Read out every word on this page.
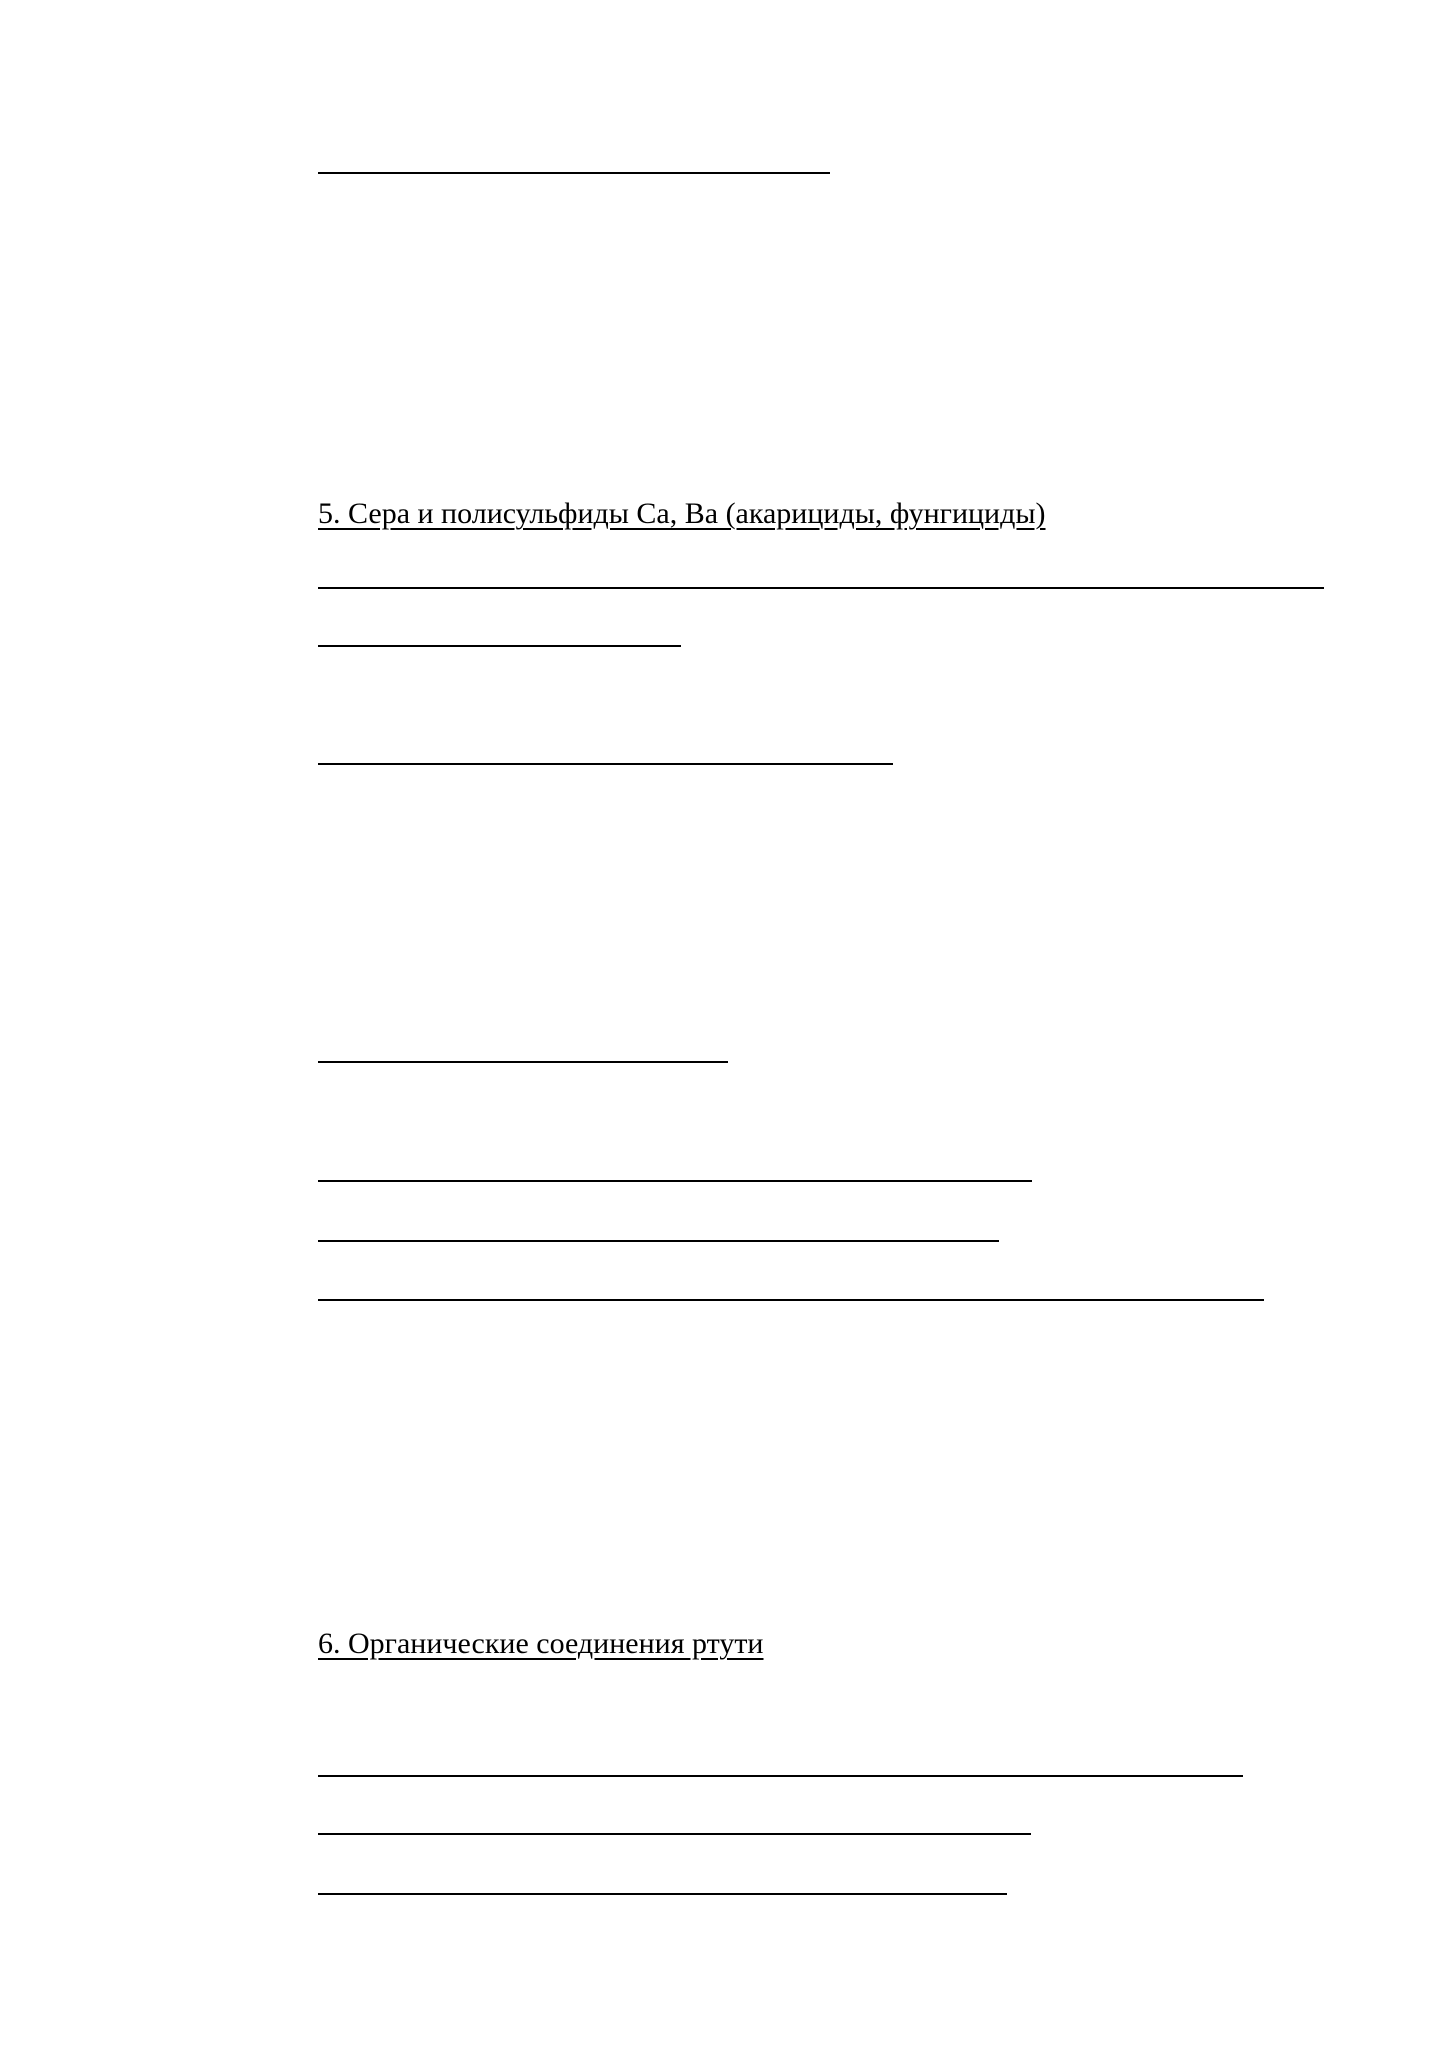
5. Сера и полисульфиды Ca, Ba (акарициды, фунгициды)
6. Органические соединения ртути
